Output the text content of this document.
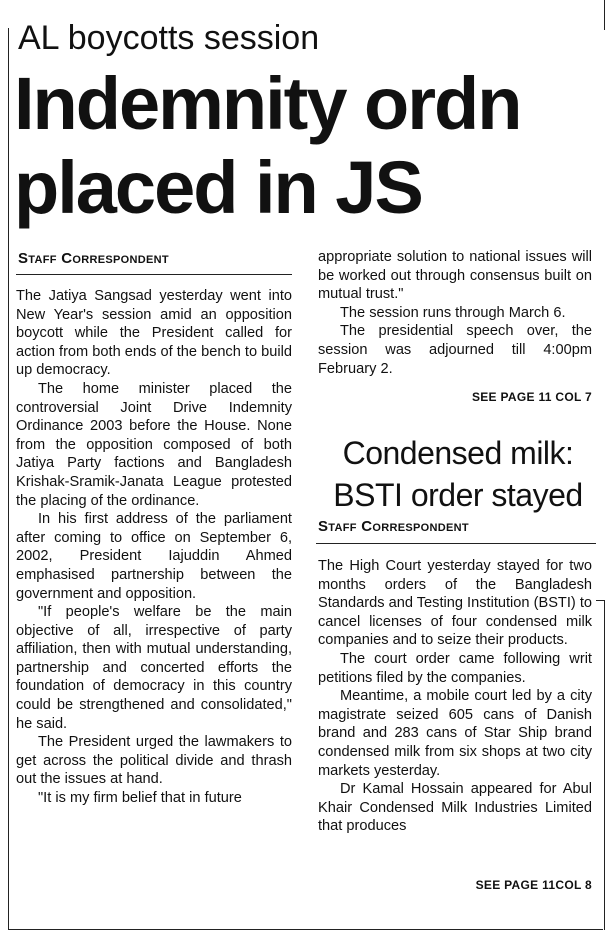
AL boycotts session
Indemnity ordn
placed in JS
Staff Correspondent

The Jatiya Sangsad yesterday went into New Year's session amid an opposition boycott while the President called for action from both ends of the bench to build up democracy.

The home minister placed the controversial Joint Drive Indemnity Ordinance 2003 before the House. None from the opposition composed of both Jatiya Party factions and Bangladesh Krishak-Sramik-Janata League protested the placing of the ordinance.

In his first address of the parliament after coming to office on September 6, 2002, President Iajuddin Ahmed emphasised partnership between the government and opposition.

"If people's welfare be the main objective of all, irrespective of party affiliation, then with mutual understanding, partnership and concerted efforts the foundation of democracy in this country could be strengthened and consolidated," he said.

The President urged the lawmakers to get across the political divide and thrash out the issues at hand.

"It is my firm belief that in future

appropriate solution to national issues will be worked out through consensus built on mutual trust."

The session runs through March 6.

The presidential speech over, the session was adjourned till 4:00pm February 2.

SEE PAGE 11 COL 7
Condensed milk:
BSTI order stayed
Staff Correspondent

The High Court yesterday stayed for two months orders of the Bangladesh Standards and Testing Institution (BSTI) to cancel licenses of four condensed milk companies and to seize their products.

The court order came following writ petitions filed by the companies.

Meantime, a mobile court led by a city magistrate seized 605 cans of Danish brand and 283 cans of Star Ship brand condensed milk from six shops at two city markets yesterday.

Dr Kamal Hossain appeared for Abul Khair Condensed Milk Industries Limited that produces

SEE PAGE 11COL 8
